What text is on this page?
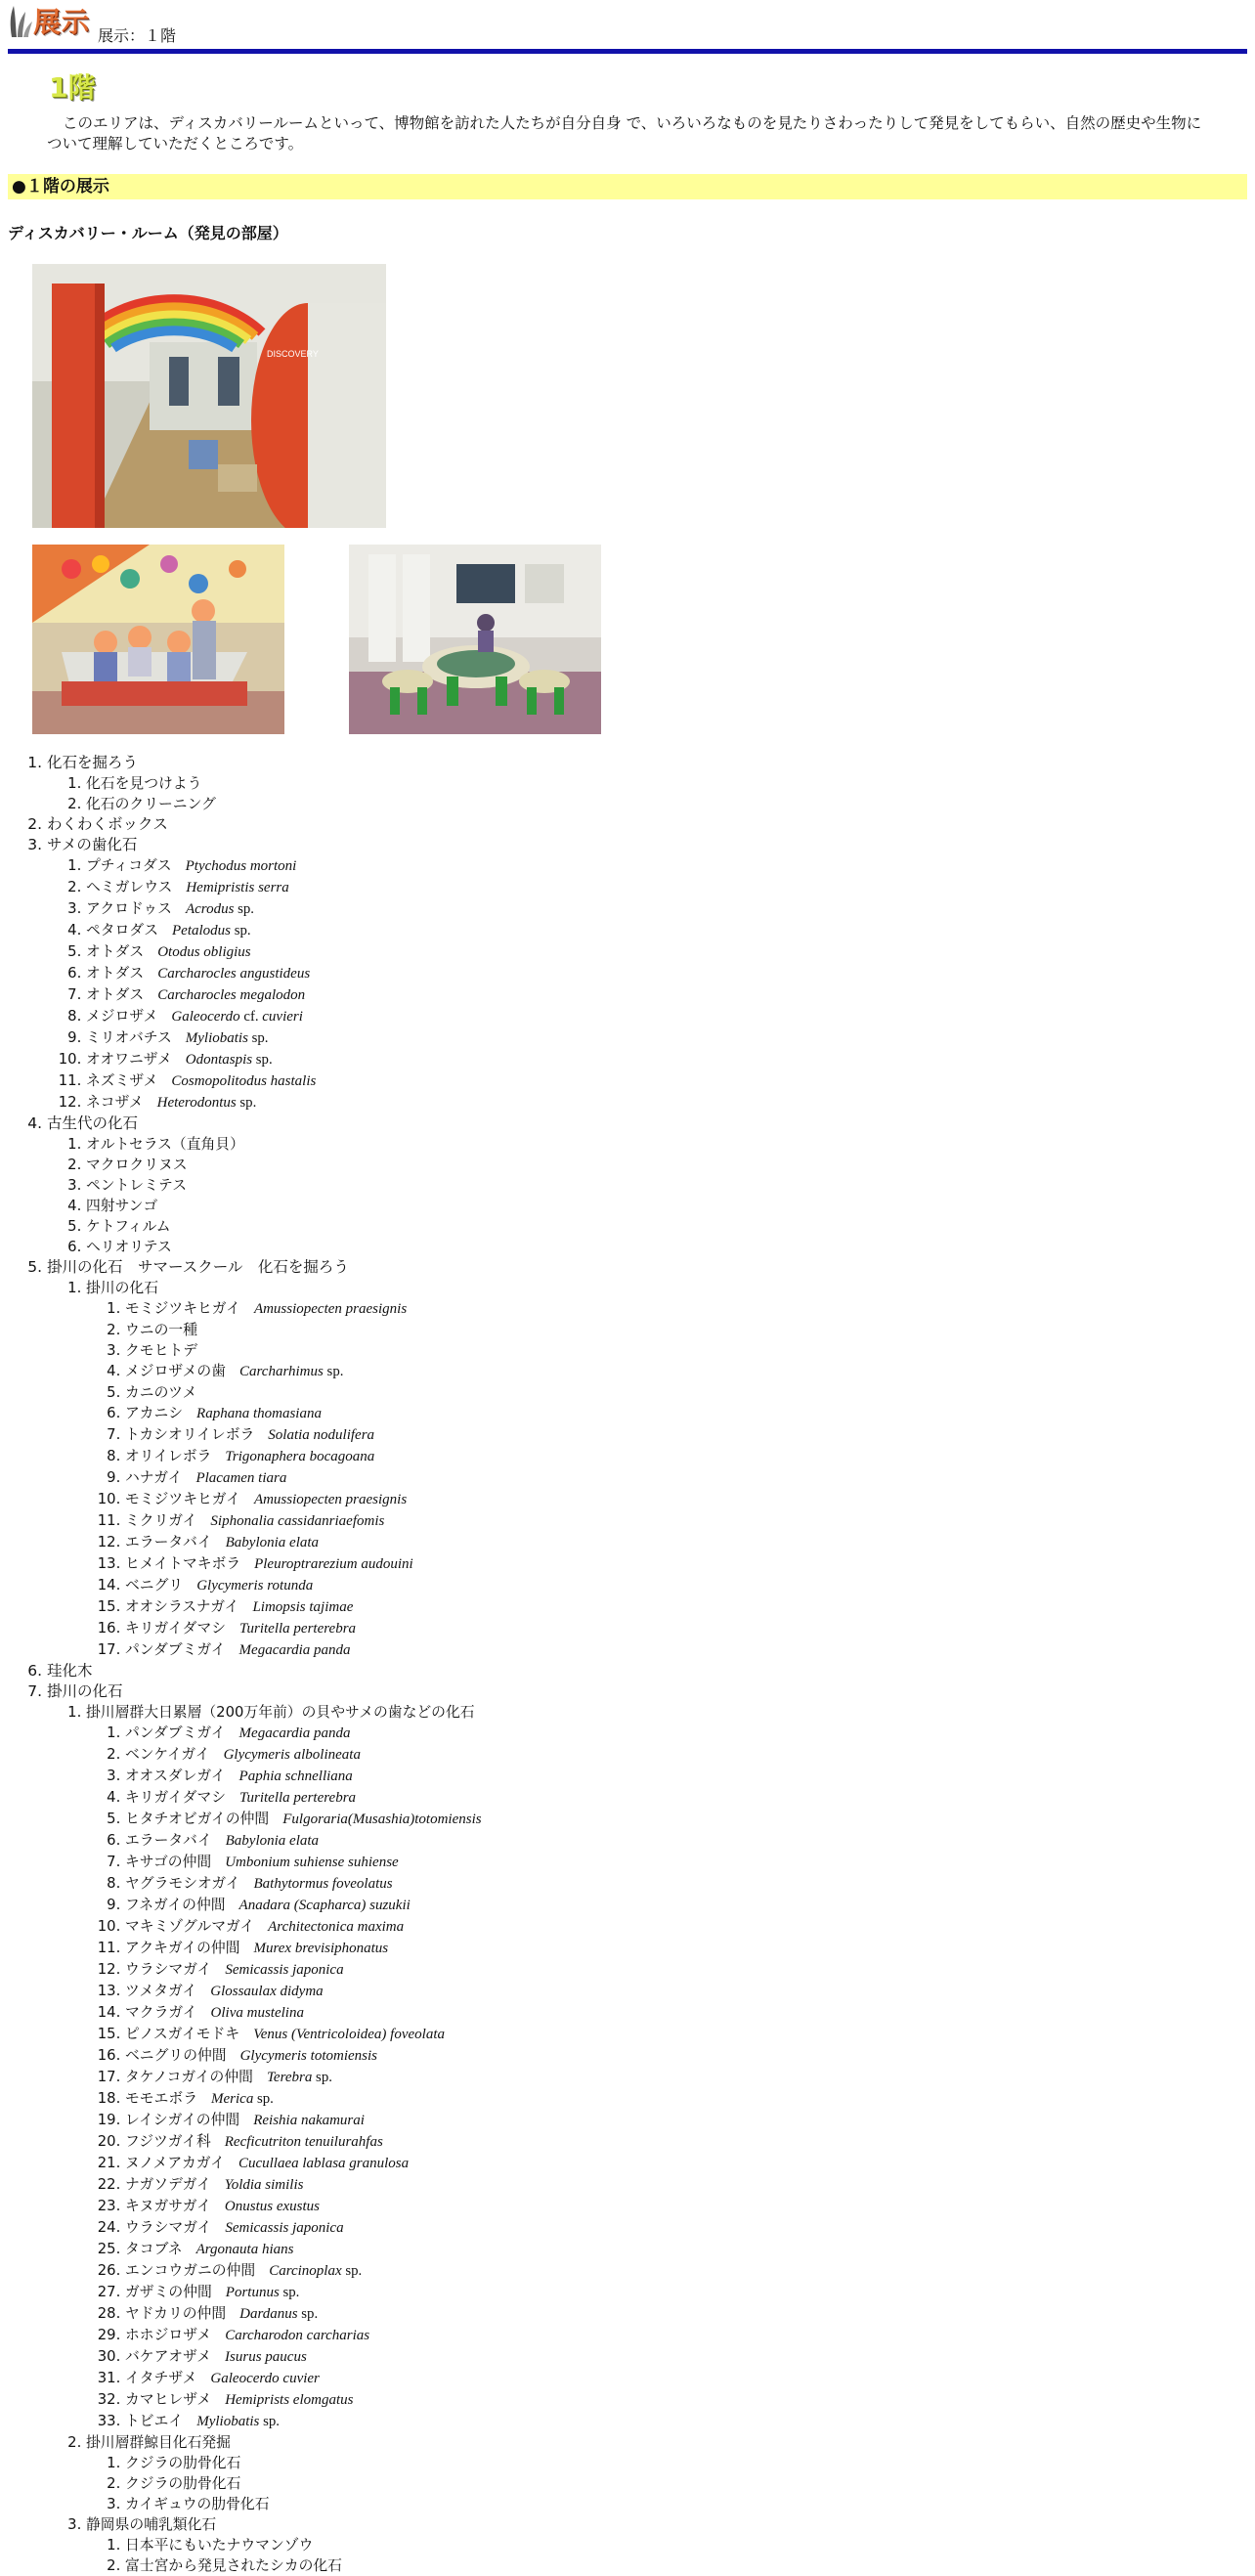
展示 展示：１階
1階
このエリアは、ディスカバリールームといって、博物館を訪れた人たちが自分自身 で、いろいろなものを見たりさわったりして発見をしてもらい、自然の歴史や生物に ついて理解していただくところです。
●１階の展示
ディスカバリー・ルーム（発見の部屋）
DISCOVERY
1. 化石を掘ろう
1. 化石を見つけよう
2. 化石のクリーニング
2. わくわくボックス
3. サメの歯化石
1. プチィコダス Ptychodus mortoni
2. ヘミガレウス Hemipristis serra
3. アクロドゥス Acrodus sp.
4. ペタロダス Petalodus sp.
5. オトダス Otodus obligius
6. オトダス Carcharocles angustideus
7. オトダス Carcharocles megalodon
8. メジロザメ Galeocerdo cf. cuvieri
9. ミリオバチス Myliobatis sp.
10. オオワニザメ Odontaspis sp.
11. ネズミザメ Cosmopolitodus hastalis
12. ネコザメ Heterodontus sp.
4. 古生代の化石
1. オルトセラス（直角貝）
2. マクロクリヌス
3. ペントレミテス
4. 四射サンゴ
5. ケトフィルム
6. ヘリオリテス
5. 掛川の化石　サマースクール　化石を掘ろう
1. 掛川の化石
1. モミジツキヒガイ Amussiopecten praesignis
2. ウニの一種
3. クモヒトデ
4. メジロザメの歯 Carcharhimus sp.
5. カニのツメ
6. アカニシ Raphana thomasiana
7. トカシオリイレボラ Solatia nodulifera
8. オリイレボラ Trigonaphera bocagoana
9. ハナガイ Placamen tiara
10. モミジツキヒガイ Amussiopecten praesignis
11. ミクリガイ Siphonalia cassidanriaefomis
12. エラータバイ Babylonia elata
13. ヒメイトマキボラ Pleuroptrarezium audouini
14. ベニグリ Glycymeris rotunda
15. オオシラスナガイ Limopsis tajimae
16. キリガイダマシ Turitella perterebra
17. パンダブミガイ Megacardia panda
6. 珪化木
7. 掛川の化石
1. 掛川層群大日累層（200万年前）の貝やサメの歯などの化石
1. パンダブミガイ Megacardia panda
2. ベンケイガイ Glycymeris albolineata
3. オオスダレガイ Paphia schnelliana
4. キリガイダマシ Turitella perterebra
5. ヒタチオビガイの仲間 Fulgoraria(Musashia)totomiensis
6. エラータバイ Babylonia elata
7. キサゴの仲間 Umbonium suhiense suhiense
8. ヤグラモシオガイ Bathytormus foveolatus
9. フネガイの仲間 Anadara (Scapharca) suzukii
10. マキミゾグルマガイ Architectonica maxima
11. アクキガイの仲間 Murex brevisiphonatus
12. ウラシマガイ Semicassis japonica
13. ツメタガイ Glossaulax didyma
14. マクラガイ Oliva mustelina
15. ピノスガイモドキ Venus (Ventricoloidea) foveolata
16. ベニグリの仲間 Glycymeris totomiensis
17. タケノコガイの仲間 Terebra sp.
18. モモエボラ Merica sp.
19. レイシガイの仲間 Reishia nakamurai
20. フジツガイ科 Recficutriton tenuilurahfas
21. ヌノメアカガイ Cucullaea lablasa granulosa
22. ナガソデガイ Yoldia similis
23. キヌガサガイ Onustus exustus
24. ウラシマガイ Semicassis japonica
25. タコブネ Argonauta hians
26. エンコウガニの仲間 Carcinoplax sp.
27. ガザミの仲間 Portunus sp.
28. ヤドカリの仲間 Dardanus sp.
29. ホホジロザメ Carcharodon carcharias
30. バケアオザメ Isurus paucus
31. イタチザメ Galeocerdo cuvier
32. カマヒレザメ Hemiprists elomgatus
33. トビエイ Myliobatis sp.
2. 掛川層群鯨目化石発掘
1. クジラの肋骨化石
2. クジラの肋骨化石
3. カイギュウの肋骨化石
3. 静岡県の哺乳類化石
1. 日本平にもいたナウマンゾウ
2. 富士宮から発見されたシカの化石
